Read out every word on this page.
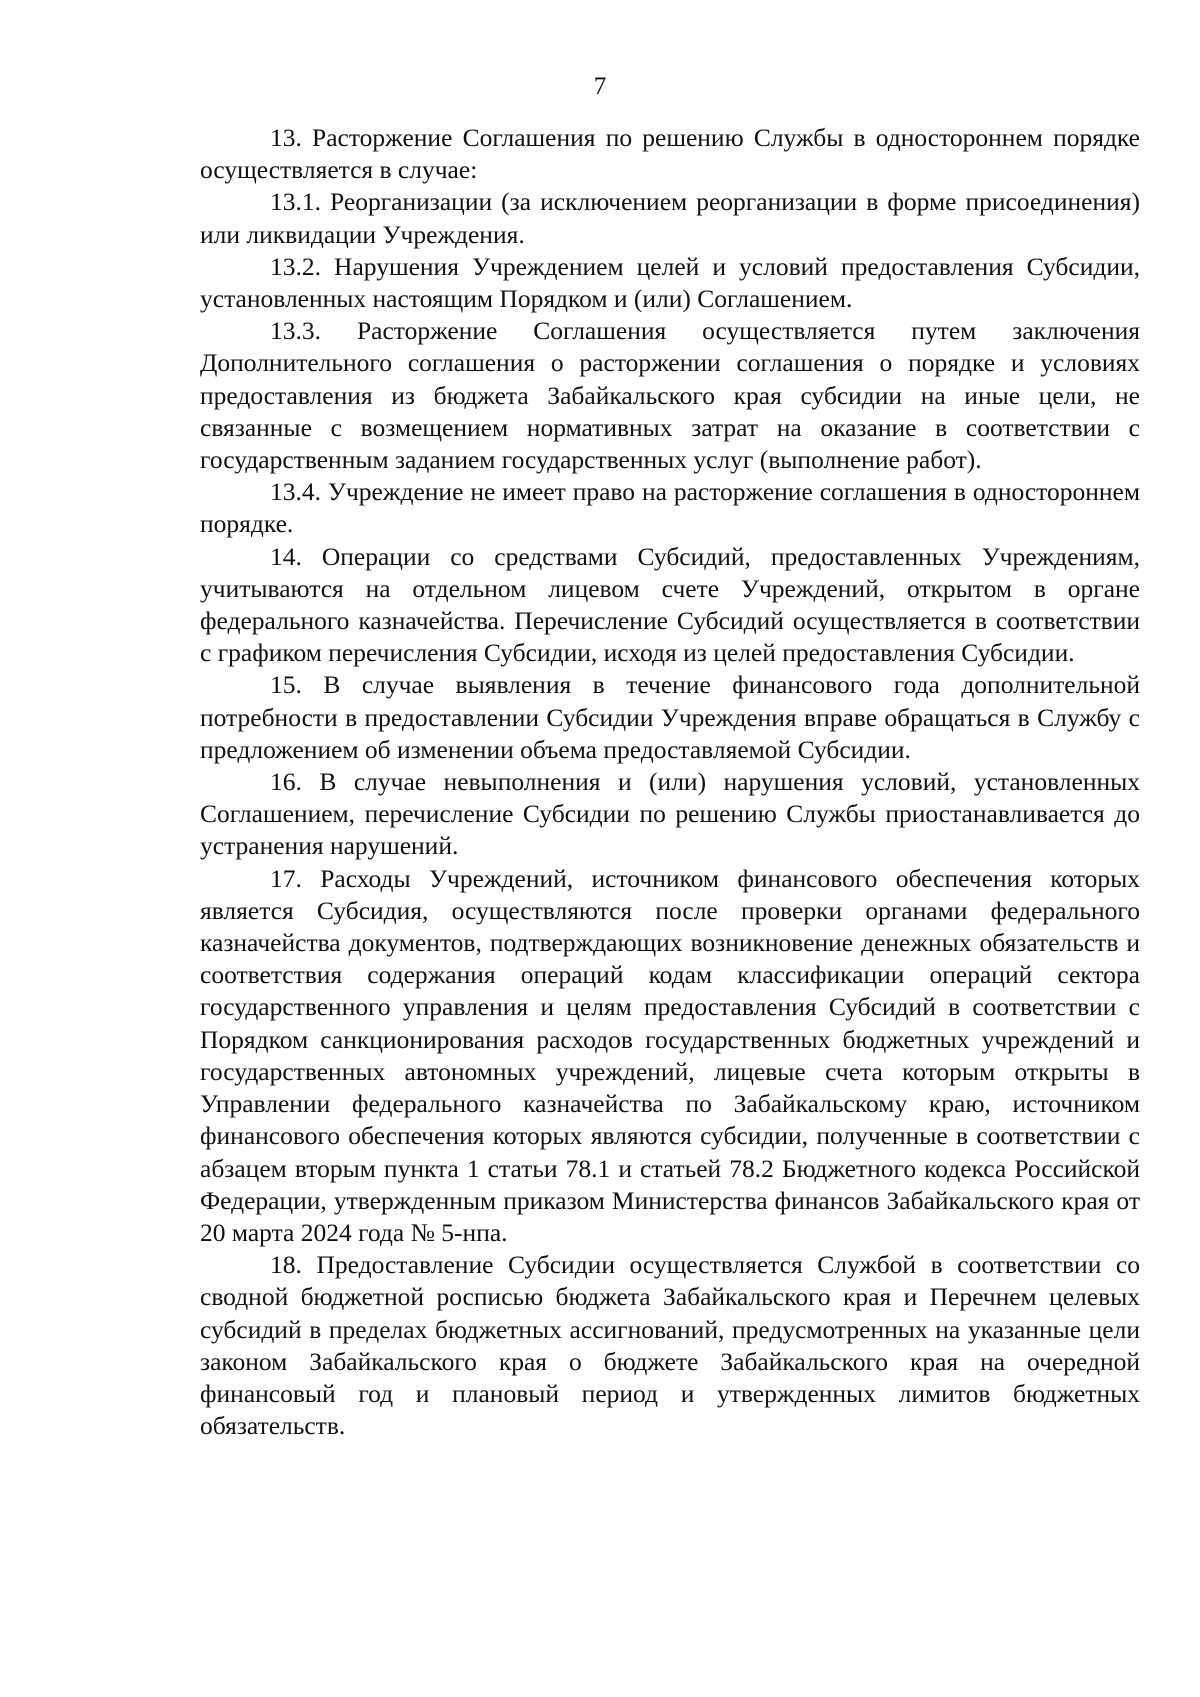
7

13. Расторжение Соглашения по решению Службы в одностороннем порядке осуществляется в случае:

13.1. Реорганизации (за исключением реорганизации в форме присоединения) или ликвидации Учреждения.

13.2. Нарушения Учреждением целей и условий предоставления Субсидии, установленных настоящим Порядком и (или) Соглашением.

13.3. Расторжение Соглашения осуществляется путем заключения Дополнительного соглашения о расторжении соглашения о порядке и условиях предоставления из бюджета Забайкальского края субсидии на иные цели, не связанные с возмещением нормативных затрат на оказание в соответствии с государственным заданием государственных услуг (выполнение работ).

13.4. Учреждение не имеет право на расторжение соглашения в одностороннем порядке.

14. Операции со средствами Субсидий, предоставленных Учреждениям, учитываются на отдельном лицевом счете Учреждений, открытом в органе федерального казначейства. Перечисление Субсидий осуществляется в соответствии с графиком перечисления Субсидии, исходя из целей предоставления Субсидии.

15. В случае выявления в течение финансового года дополнительной потребности в предоставлении Субсидии Учреждения вправе обращаться в Службу с предложением об изменении объема предоставляемой Субсидии.

16. В случае невыполнения и (или) нарушения условий, установленных Соглашением, перечисление Субсидии по решению Службы приостанавливается до устранения нарушений.

17. Расходы Учреждений, источником финансового обеспечения которых является Субсидия, осуществляются после проверки органами федерального казначейства документов, подтверждающих возникновение денежных обязательств и соответствия содержания операций кодам классификации операций сектора государственного управления и целям предоставления Субсидий в соответствии с Порядком санкционирования расходов государственных бюджетных учреждений и государственных автономных учреждений, лицевые счета которым открыты в Управлении федерального казначейства по Забайкальскому краю, источником финансового обеспечения которых являются субсидии, полученные в соответствии с абзацем вторым пункта 1 статьи 78.1 и статьей 78.2 Бюджетного кодекса Российской Федерации, утвержденным приказом Министерства финансов Забайкальского края от 20 марта 2024 года № 5-нпа.

18. Предоставление Субсидии осуществляется Службой в соответствии со сводной бюджетной росписью бюджета Забайкальского края и Перечнем целевых субсидий в пределах бюджетных ассигнований, предусмотренных на указанные цели законом Забайкальского края о бюджете Забайкальского края на очередной финансовый год и плановый период и утвержденных лимитов бюджетных обязательств.
